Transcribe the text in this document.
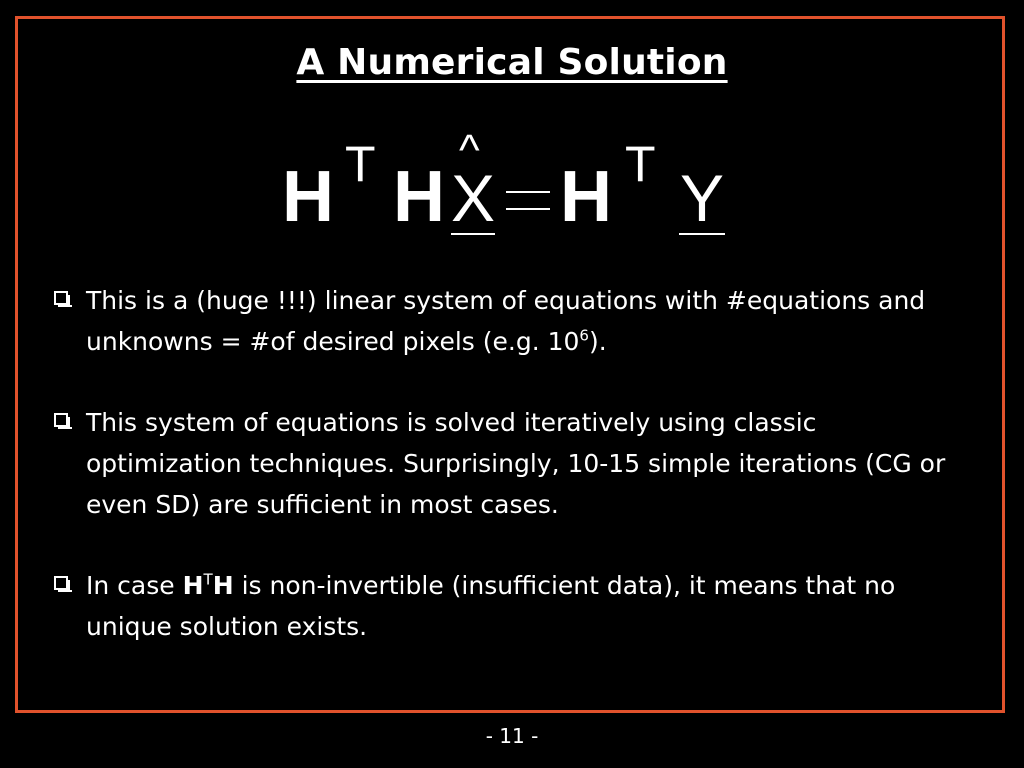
A Numerical Solution
H T H
^
X H T Y
This is a (huge !!!) linear system of equations with #equations and unknowns = #of desired pixels (e.g. $10^6$).
This system of equations is solved iteratively using classic optimization techniques. Surprisingly, 10-15 simple iterations (CG or even SD) are sufficient in most cases.
In case $H^TH$ is non-invertible (insufficient data), it means that no unique solution exists.
- 11 -
